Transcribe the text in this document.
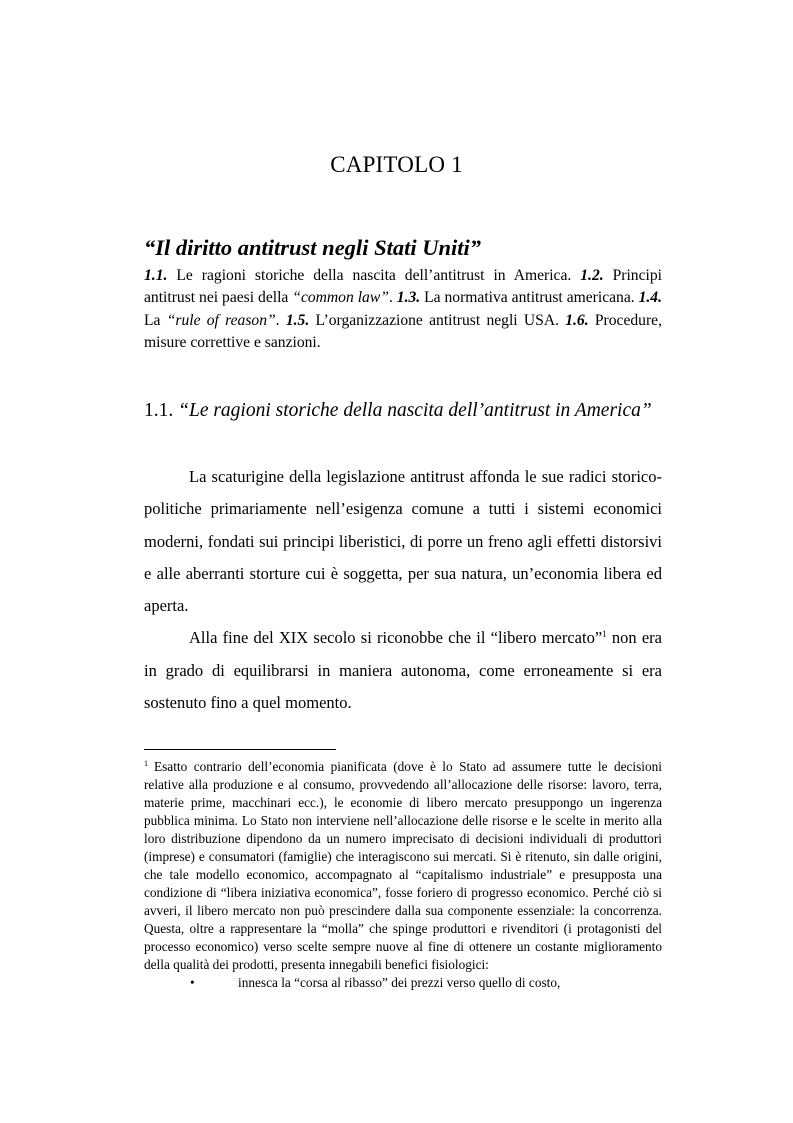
CAPITOLO 1
“Il diritto antitrust negli Stati Uniti”
1.1. Le ragioni storiche della nascita dell’antitrust in America. 1.2. Principi antitrust nei paesi della “common law”. 1.3. La normativa antitrust americana. 1.4. La “rule of reason”. 1.5. L’organizzazione antitrust negli USA. 1.6. Procedure, misure correttive e sanzioni.
1.1. “Le ragioni storiche della nascita dell’antitrust in America”

La scaturigine della legislazione antitrust affonda le sue radici storico-politiche primariamente nell’esigenza comune a tutti i sistemi economici moderni, fondati sui principi liberistici, di porre un freno agli effetti distorsivi e alle aberranti storture cui è soggetta, per sua natura, un’economia libera ed aperta.

Alla fine del XIX secolo si riconobbe che il “libero mercato”$^1$ non era in grado di equilibrarsi in maniera autonoma, come erroneamente si era sostenuto fino a quel momento.

$^1$ Esatto contrario dell’economia pianificata (dove è lo Stato ad assumere tutte le decisioni relative alla produzione e al consumo, provvedendo all’allocazione delle risorse: lavoro, terra, materie prime, macchinari ecc.), le economie di libero mercato presuppongo un ingerenza pubblica minima. Lo Stato non interviene nell’allocazione delle risorse e le scelte in merito alla loro distribuzione dipendono da un numero imprecisato di decisioni individuali di produttori (imprese) e consumatori (famiglie) che interagiscono sui mercati. Si è ritenuto, sin dalle origini, che tale modello economico, accompagnato al “capitalismo industriale” e presupposta una condizione di “libera iniziativa economica”, fosse foriero di progresso economico. Perché ciò si avveri, il libero mercato non può prescindere dalla sua componente essenziale: la concorrenza. Questa, oltre a rappresentare la “molla” che spinge produttori e rivenditori (i protagonisti del processo economico) verso scelte sempre nuove al fine di ottenere un costante miglioramento della qualità dei prodotti, presenta innegabili benefici fisiologici:
•	innesca la “corsa al ribasso” dei prezzi verso quello di costo,
